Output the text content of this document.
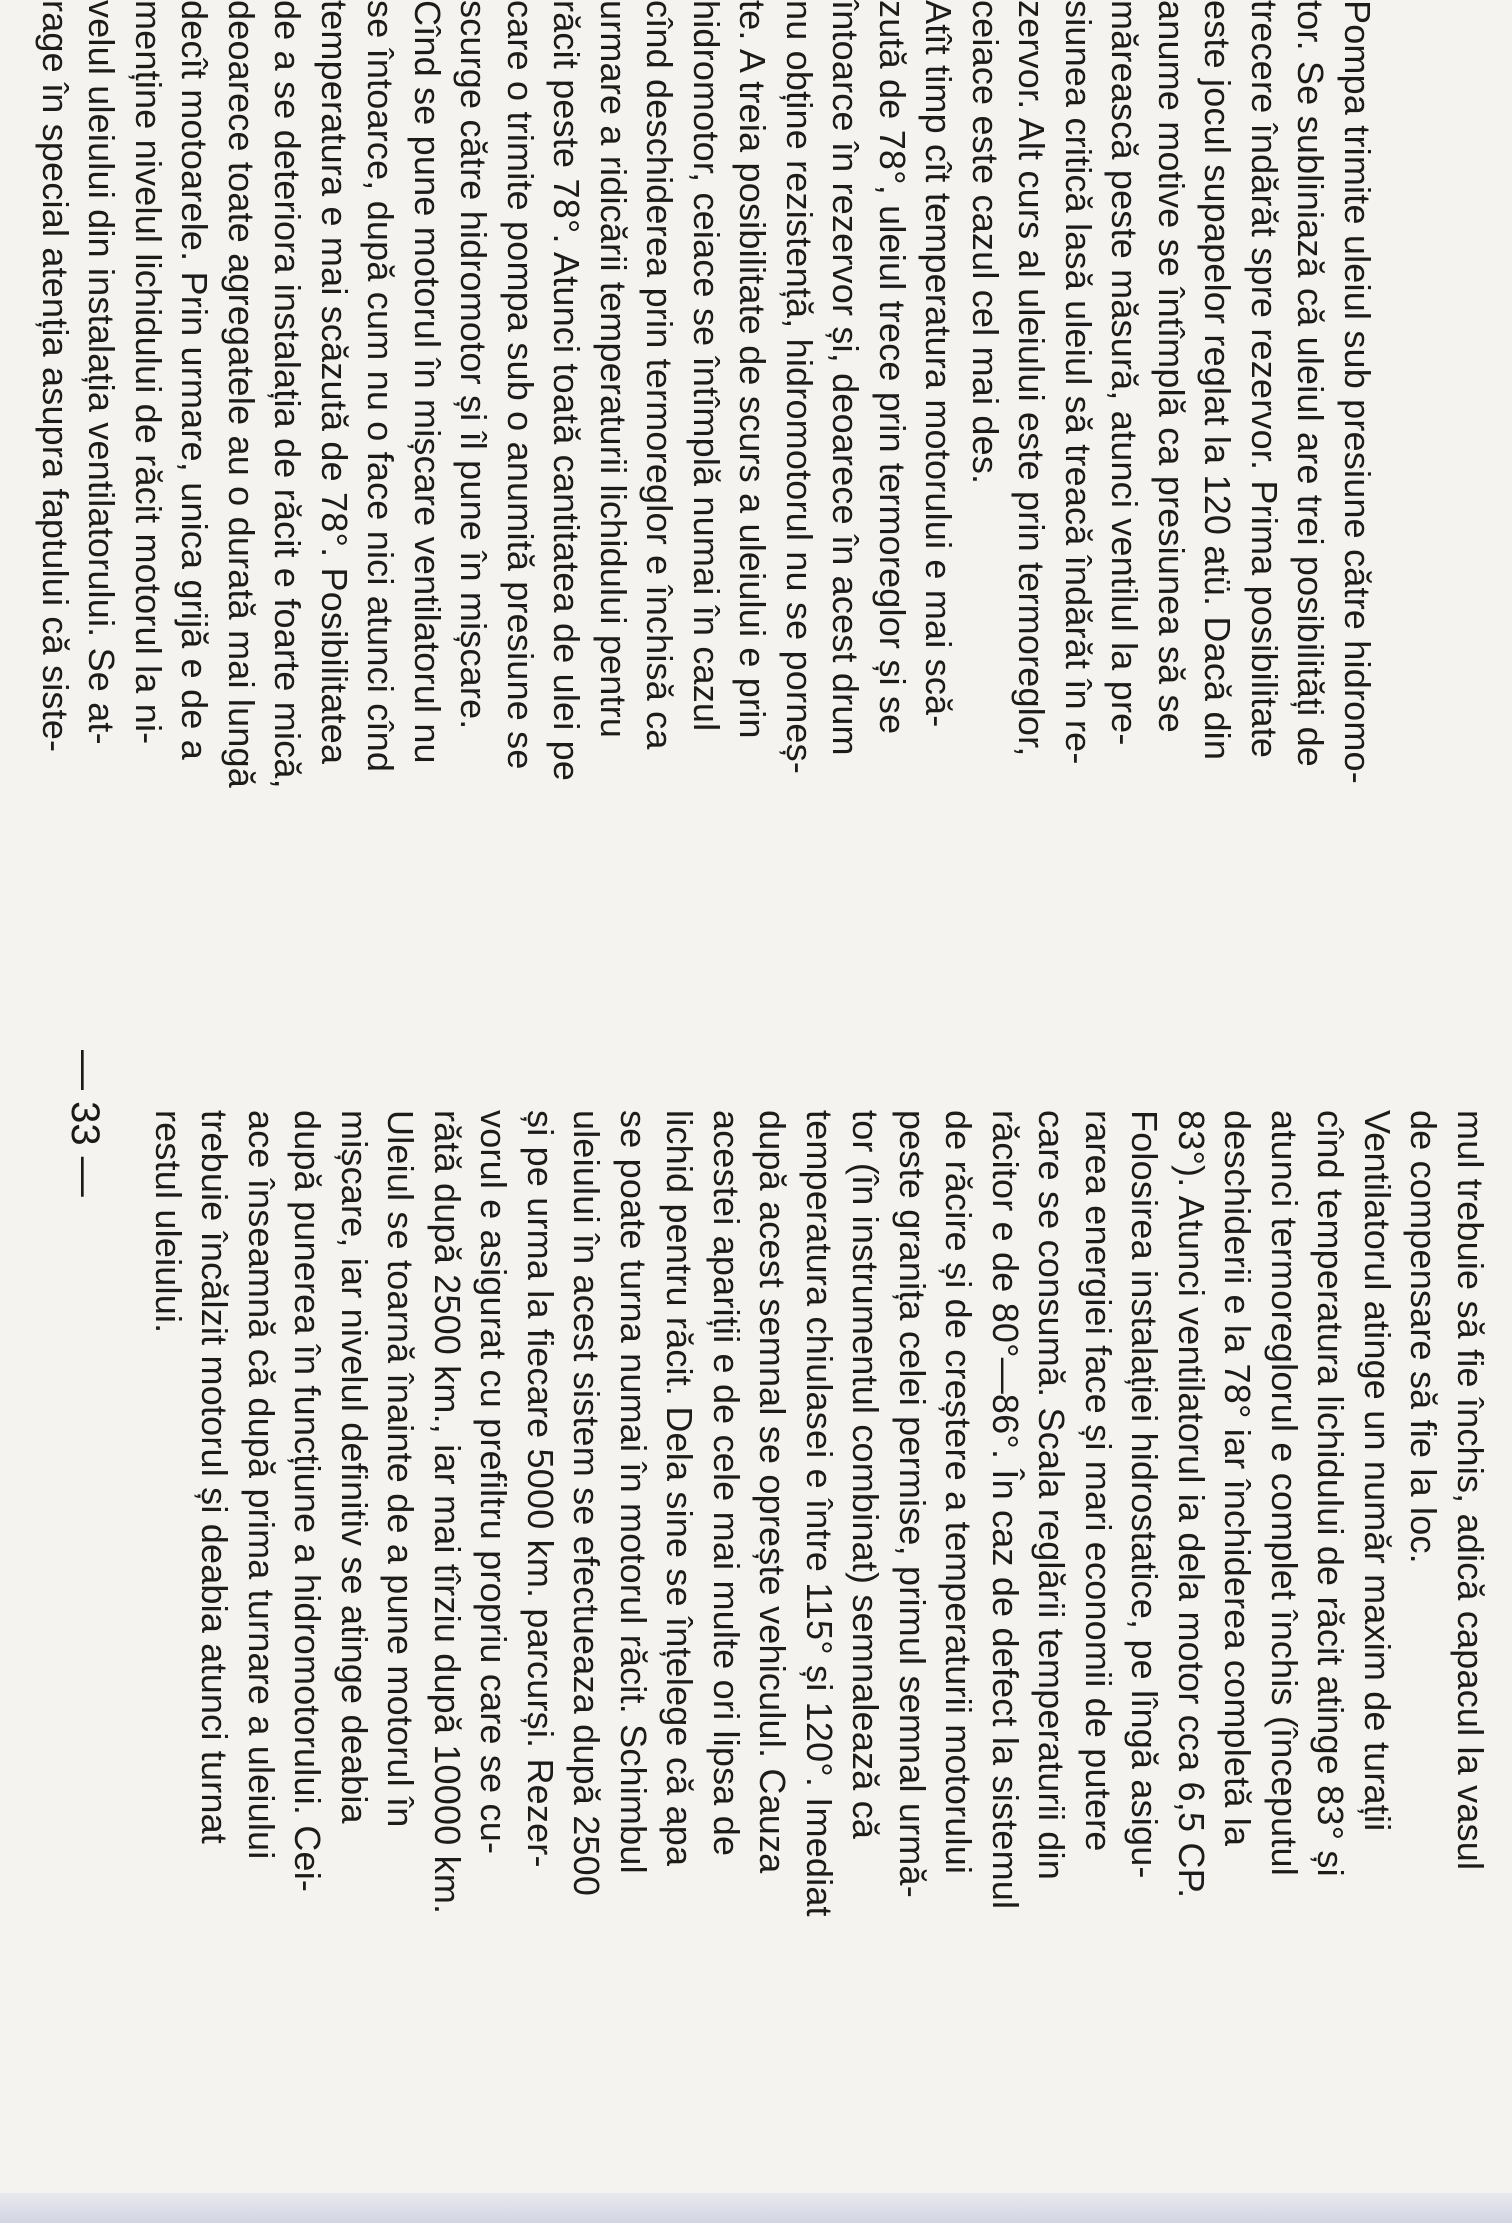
Pompa trimite uleiul sub presiune către hidromo-
tor. Se subliniază că uleiul are trei posibilități de
trecere îndărăt spre rezervor. Prima posibilitate
este jocul supapelor reglat la 120 atü. Dacă din
anume motive se întîmplă ca presiunea să se
mărească peste măsură, atunci ventilul la pre-
siunea critică lasă uleiul să treacă îndărăt în re-
zervor. Alt curs al uleiului este prin termoreglor,
ceiace este cazul cel mai des.
Atît timp cît temperatura motorului e mai scă-
zută de 78°, uleiul trece prin termoreglor și se
întoarce în rezervor și, deoarece în acest drum
nu obține rezistență, hidromotorul nu se porneș-
te. A treia posibilitate de scurs a uleiului e prin
hidromotor, ceiace se întîmplă numai în cazul
cînd deschiderea prin termoreglor e închisă ca
urmare a ridicării temperaturii lichidului pentru
răcit peste 78°. Atunci toată cantitatea de ulei pe
care o trimite pompa sub o anumită presiune se
scurge către hidromotor și îl pune în mișcare.
Cînd se pune motorul în mișcare ventilatorul nu
se întoarce, după cum nu o face nici atunci cînd
temperatura e mai scăzută de 78°. Posibilitatea
de a se deteriora instalația de răcit e foarte mică,
deoarece toate agregatele au o durată mai lungă
decît motoarele. Prin urmare, unica grijă e de a
menține nivelul lichidului de răcit motorul la ni-
velul uleiului din instalația ventilatorului. Se at-
rage în special atenția asupra faptului că siste-
mul trebuie să fie închis, adică capacul la vasul
de compensare să fie la loc.
Ventilatorul atinge un număr maxim de turații
cînd temperatura lichidului de răcit atinge 83° și
atunci termoreglorul e complet închis (începutul
deschiderii e la 78° iar închiderea completă la
83°). Atunci ventilatorul ia dela motor cca 6,5 CP.
Folosirea instalației hidrostatice, pe lîngă asigu-
rarea energiei face și mari economii de putere
care se consumă. Scala reglării temperaturii din
răcitor e de 80°—86°. În caz de defect la sistemul
de răcire și de creștere a temperaturii motorului
peste granița celei permise, primul semnal urmă-
tor (în instrumentul combinat) semnalează că
temperatura chiulasei e între 115° și 120°. Imediat
după acest semnal se oprește vehiculul. Cauza
acestei apariții e de cele mai multe ori lipsa de
lichid pentru răcit. Dela sine se înțelege că apa
se poate turna numai în motorul răcit. Schimbul
uleiului în acest sistem se efectueaza după 2500
și pe urma la fiecare 5000 km. parcurși. Rezer-
vorul e asigurat cu prefiltru propriu care se cu-
rătă după 2500 km., iar mai tîrziu după 10000 km.
Uleiul se toarnă înainte de a pune motorul în
mișcare, iar nivelul definitiv se atinge deabia
după punerea în funcțiune a hidromotorului. Cei-
ace înseamnă că după prima turnare a uleiului
trebuie încălzit motorul și deabia atunci turnat
restul uleiului.
— 33 —
